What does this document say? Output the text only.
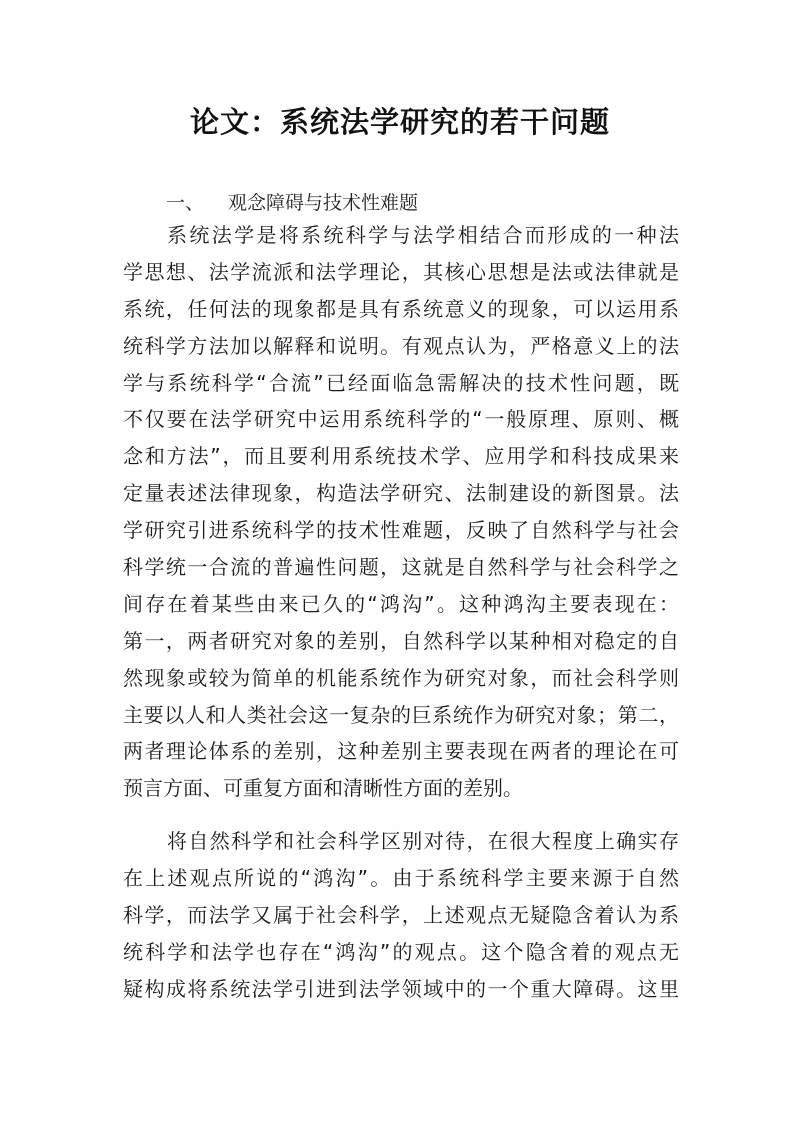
论文：系统法学研究的若干问题
一、 观念障碍与技术性难题
系统法学是将系统科学与法学相结合而形成的一种法
学思想、法学流派和法学理论，其核心思想是法或法律就是
系统，任何法的现象都是具有系统意义的现象，可以运用系
统科学方法加以解释和说明。有观点认为，严格意义上的法
学与系统科学“合流”已经面临急需解决的技术性问题，既
不仅要在法学研究中运用系统科学的“一般原理、原则、概
念和方法”，而且要利用系统技术学、应用学和科技成果来
定量表述法律现象，构造法学研究、法制建设的新图景。法
学研究引进系统科学的技术性难题，反映了自然科学与社会
科学统一合流的普遍性问题，这就是自然科学与社会科学之
间存在着某些由来已久的“鸿沟”。这种鸿沟主要表现在：
第一，两者研究对象的差别，自然科学以某种相对稳定的自
然现象或较为简单的机能系统作为研究对象，而社会科学则
主要以人和人类社会这一复杂的巨系统作为研究对象；第二，
两者理论体系的差别，这种差别主要表现在两者的理论在可
预言方面、可重复方面和清晰性方面的差别。
将自然科学和社会科学区别对待，在很大程度上确实存
在上述观点所说的“鸿沟”。由于系统科学主要来源于自然
科学，而法学又属于社会科学，上述观点无疑隐含着认为系
统科学和法学也存在“鸿沟”的观点。这个隐含着的观点无
疑构成将系统法学引进到法学领域中的一个重大障碍。这里
